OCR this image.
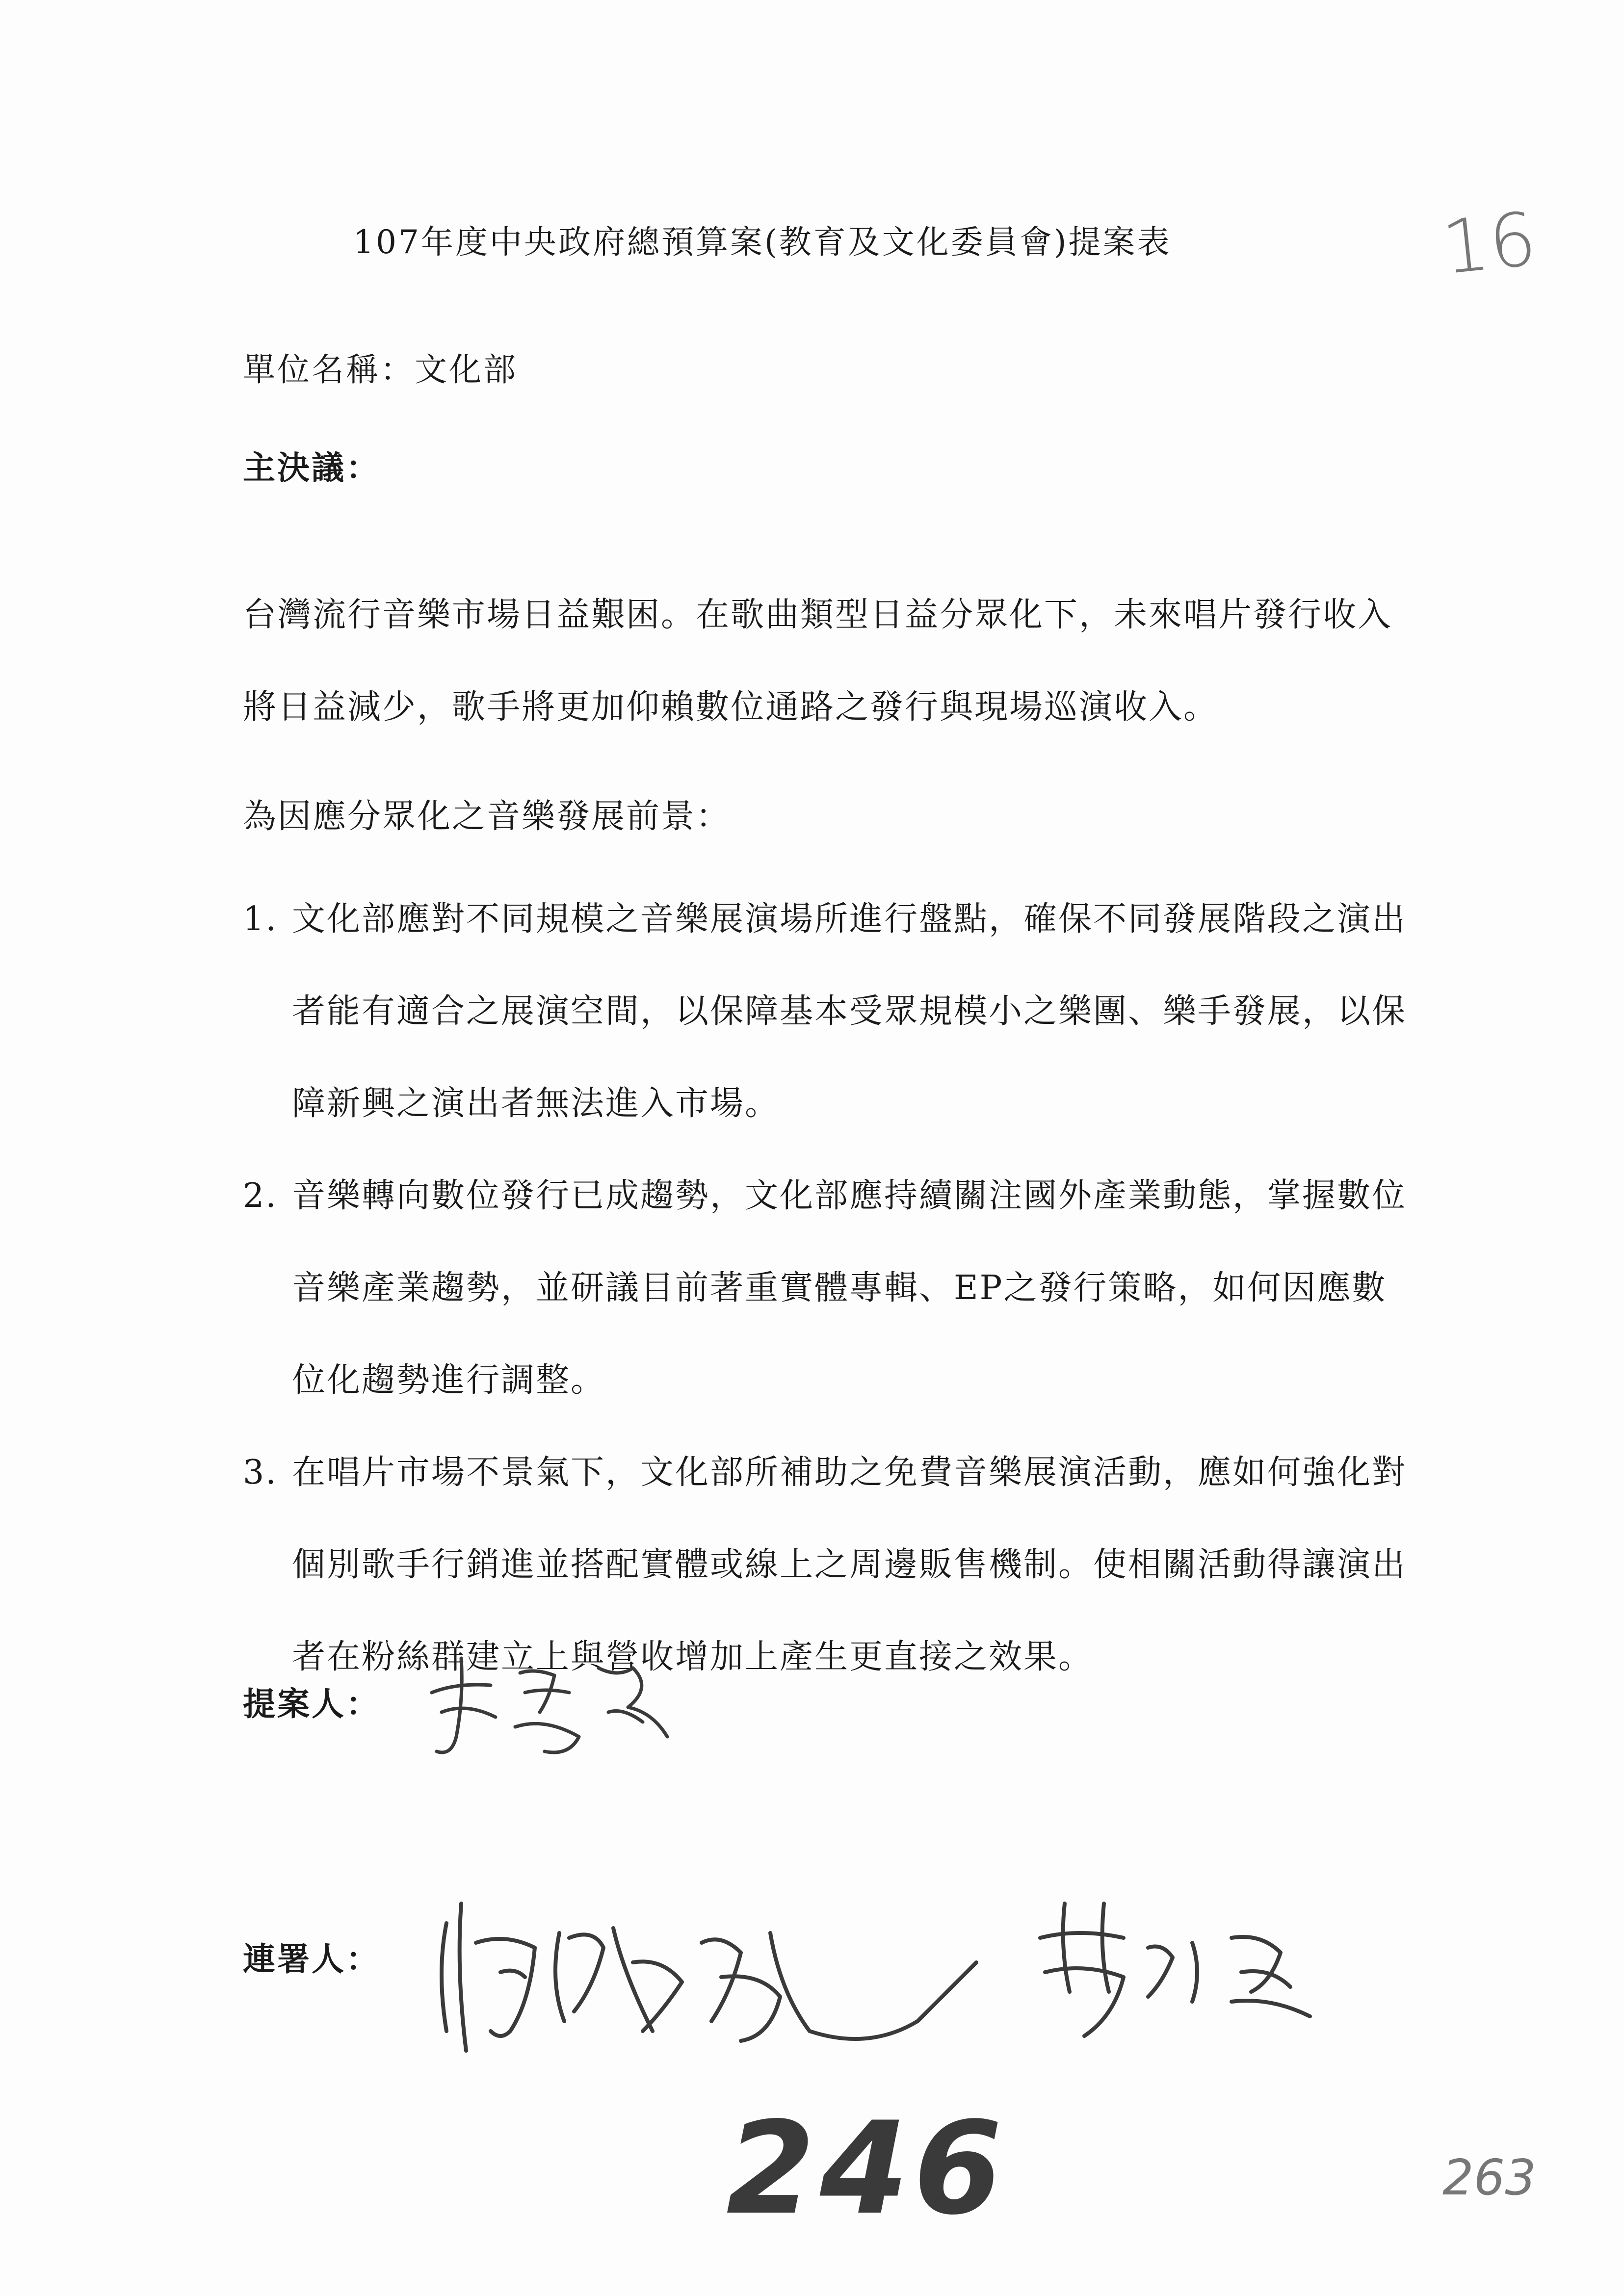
107年度中央政府總預算案(教育及文化委員會)提案表	16
單位名稱：文化部
主決議：
台灣流行音樂市場日益艱困。在歌曲類型日益分眾化下，未來唱片發行收入將日益減少，歌手將更加仰賴數位通路之發行與現場巡演收入。
為因應分眾化之音樂發展前景：
1. 文化部應對不同規模之音樂展演場所進行盤點，確保不同發展階段之演出者能有適合之展演空間，以保障基本受眾規模小之樂團、樂手發展，以保障新興之演出者無法進入市場。
2. 音樂轉向數位發行已成趨勢，文化部應持續關注國外產業動態，掌握數位音樂產業趨勢，並研議目前著重實體專輯、EP之發行策略，如何因應數位化趨勢進行調整。
3. 在唱片市場不景氣下，文化部所補助之免費音樂展演活動，應如何強化對個別歌手行銷進並搭配實體或線上之周邊販售機制。使相關活動得讓演出者在粉絲群建立上與營收增加上產生更直接之效果。
提案人：
連署人：
246	263
